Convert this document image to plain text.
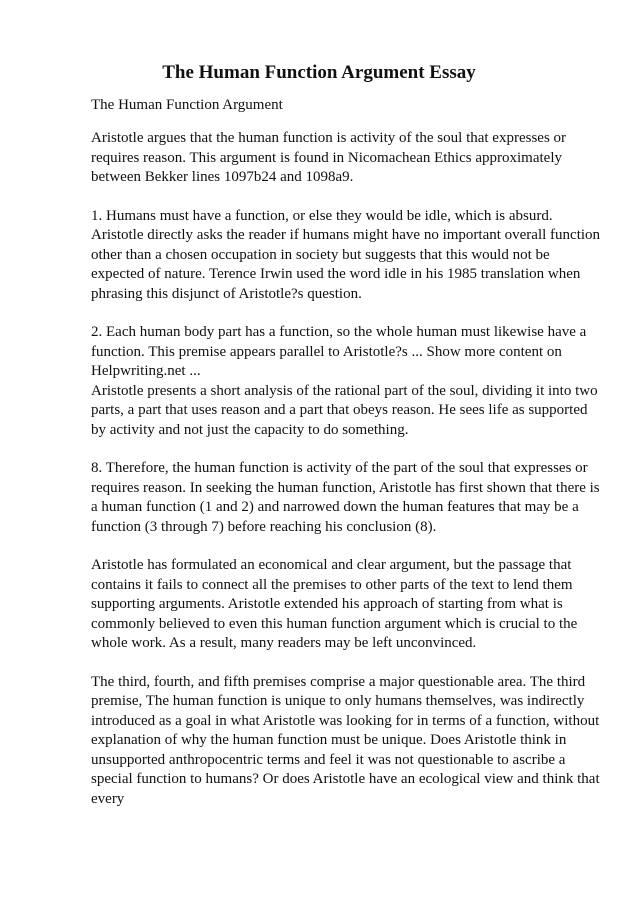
The Human Function Argument Essay
The Human Function Argument

Aristotle argues that the human function is activity of the soul that expresses or requires reason. This argument is found in Nicomachean Ethics approximately between Bekker lines 1097b24 and 1098a9.

1. Humans must have a function, or else they would be idle, which is absurd. Aristotle directly asks the reader if humans might have no important overall function other than a chosen occupation in society but suggests that this would not be expected of nature. Terence Irwin used the word idle in his 1985 translation when phrasing this disjunct of Aristotle?s question.

2. Each human body part has a function, so the whole human must likewise have a function. This premise appears parallel to Aristotle?s ... Show more content on Helpwriting.net ...

Aristotle presents a short analysis of the rational part of the soul, dividing it into two parts, a part that uses reason and a part that obeys reason. He sees life as supported by activity and not just the capacity to do something.

8. Therefore, the human function is activity of the part of the soul that expresses or requires reason. In seeking the human function, Aristotle has first shown that there is a human function (1 and 2) and narrowed down the human features that may be a function (3 through 7) before reaching his conclusion (8).

Aristotle has formulated an economical and clear argument, but the passage that contains it fails to connect all the premises to other parts of the text to lend them supporting arguments. Aristotle extended his approach of starting from what is commonly believed to even this human function argument which is crucial to the whole work. As a result, many readers may be left unconvinced.

The third, fourth, and fifth premises comprise a major questionable area. The third premise, The human function is unique to only humans themselves, was indirectly introduced as a goal in what Aristotle was looking for in terms of a function, without explanation of why the human function must be unique. Does Aristotle think in unsupported anthropocentric terms and feel it was not questionable to ascribe a special function to humans? Or does Aristotle have an ecological view and think that every
